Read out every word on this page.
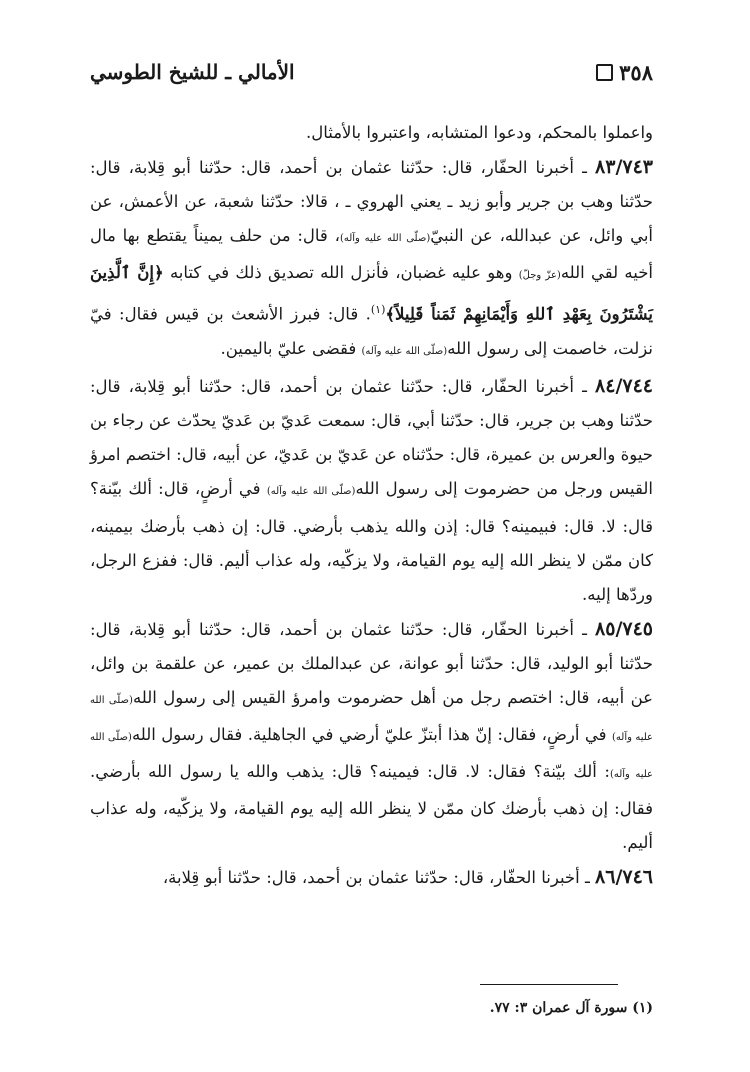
٣٥٨
الأمالي ـ للشيخ الطوسي

واعملوا بالمحكم، ودعوا المتشابه، واعتبروا بالأمثال.

٨٣/٧٤٣ ـ أخبرنا الحفّار، قال: حدّثنا عثمان بن أحمد، قال: حدّثنا أبو قِلابة، قال: حدّثنا وهب بن جرير وأبو زيد ـ يعني الهروي ـ ، قالا: حدّثنا شعبة، عن الأعمش، عن أبي وائل، عن عبدالله، عن النبيّ(صلّى الله عليه وآله)، قال: من حلف يميناً يقتطع بها مال أخيه لقي الله(عزّ وجلّ) وهو عليه غضبان، فأنزل الله تصديق ذلك في كتابه ﴿إِنَّ ٱلَّذِينَ يَشْتَرُونَ بِعَهْدِ ٱللهِ وَأَيْمَانِهِمْ ثَمَناً قَلِيلاً﴾$^{(١)}$. قال: فبرز الأشعث بن قيس فقال: فيّ نزلت، خاصمت إلى رسول الله(صلّى الله عليه وآله) فقضى عليّ باليمين.

٨٤/٧٤٤ ـ أخبرنا الحفّار، قال: حدّثنا عثمان بن أحمد، قال: حدّثنا أبو قِلابة، قال: حدّثنا وهب بن جرير، قال: حدّثنا أبي، قال: سمعت عَديّ بن عَديّ يحدّث عن رجاء بن حيوة والعرس بن عميرة، قال: حدّثناه عن عَديّ بن عَديّ، عن أبيه، قال: اختصم امرؤ القيس ورجل من حضرموت إلى رسول الله(صلّى الله عليه وآله) في أرضٍ، قال: ألك بيّنة؟ قال: لا. قال: فبيمينه؟ قال: إذن والله يذهب بأرضي. قال: إن ذهب بأرضك بيمينه، كان ممّن لا ينظر الله إليه يوم القيامة، ولا يزكّيه، وله عذاب أليم. قال: ففزع الرجل، وردّها إليه.

٨٥/٧٤٥ ـ أخبرنا الحفّار، قال: حدّثنا عثمان بن أحمد، قال: حدّثنا أبو قِلابة، قال: حدّثنا أبو الوليد، قال: حدّثنا أبو عوانة، عن عبدالملك بن عمير، عن علقمة بن وائل، عن أبيه، قال: اختصم رجل من أهل حضرموت وامرؤ القيس إلى رسول الله(صلّى الله عليه وآله) في أرضٍ، فقال: إنّ هذا أبتزّ عليّ أرضي في الجاهلية. فقال رسول الله(صلّى الله عليه وآله): ألك بيّنة؟ فقال: لا. قال: فيمينه؟ قال: يذهب والله يا رسول الله بأرضي. فقال: إن ذهب بأرضك كان ممّن لا ينظر الله إليه يوم القيامة، ولا يزكّيه، وله عذاب أليم.

٨٦/٧٤٦ ـ أخبرنا الحفّار، قال: حدّثنا عثمان بن أحمد، قال: حدّثنا أبو قِلابة،

(١) سورة آل عمران ٣: ٧٧.
